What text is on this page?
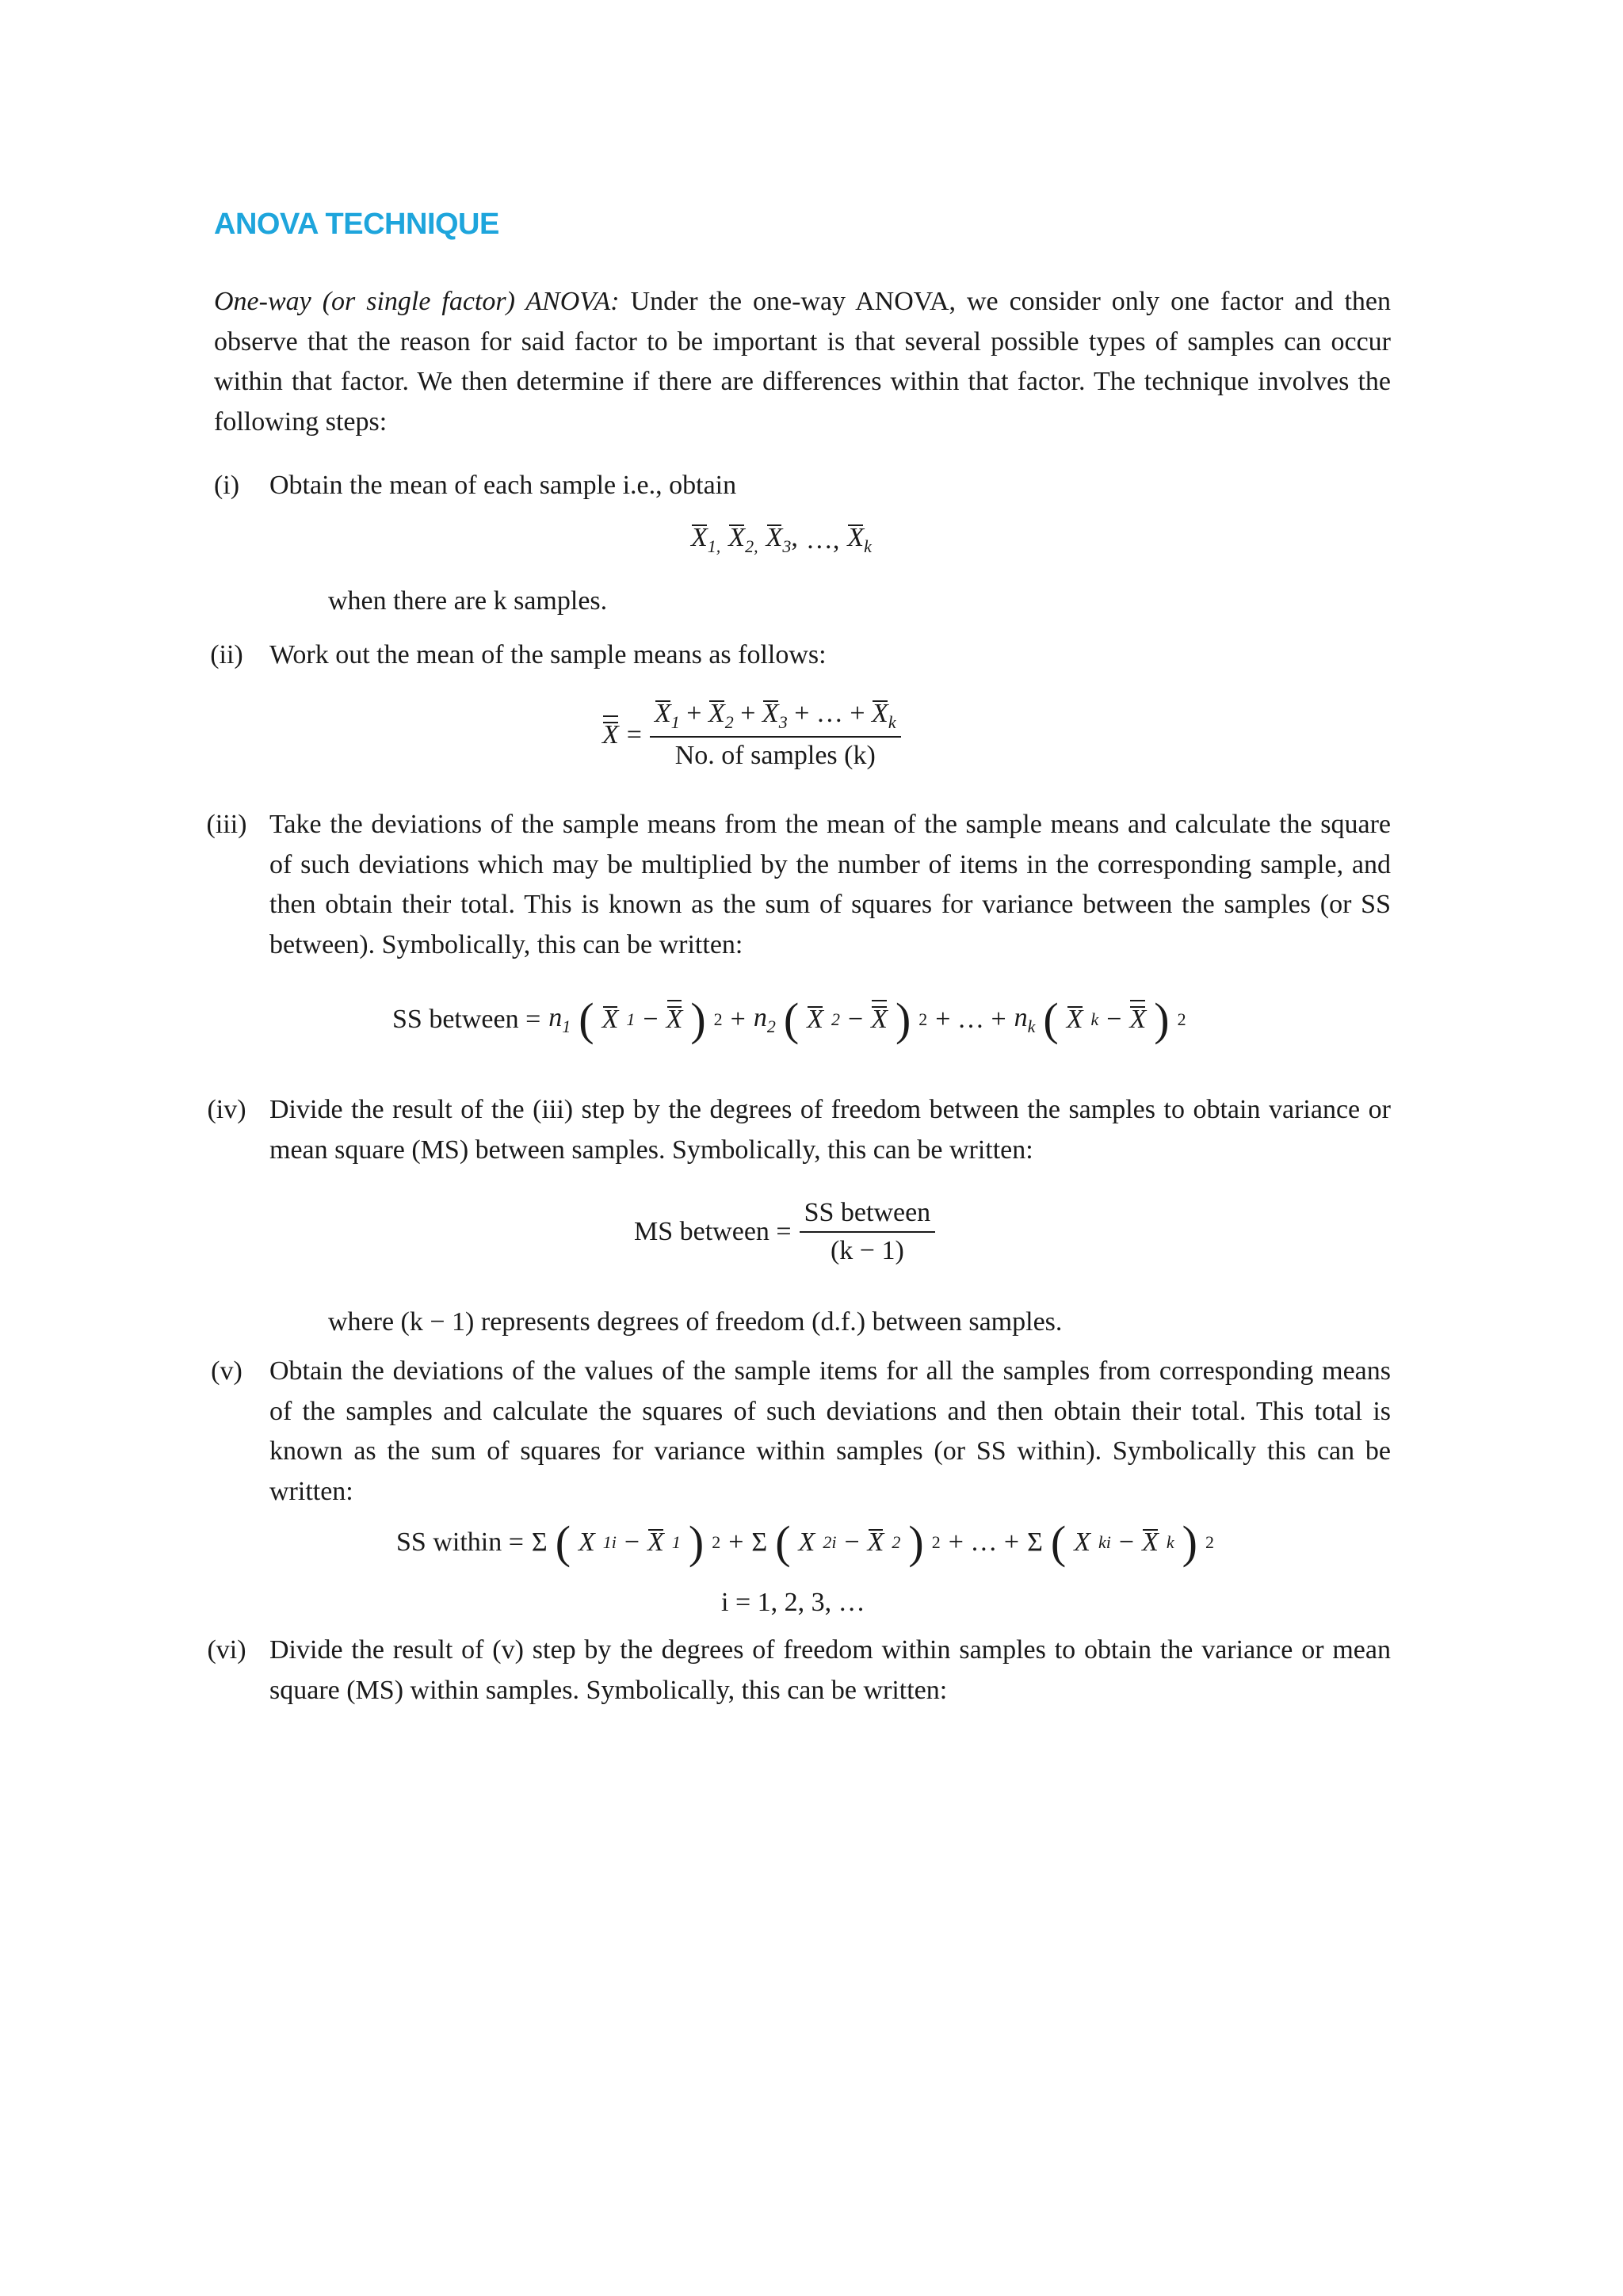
ANOVA TECHNIQUE

One-way (or single factor) ANOVA: Under the one-way ANOVA, we consider only one factor and then observe that the reason for said factor to be important is that several possible types of samples can occur within that factor. We then determine if there are differences within that factor. The technique involves the following steps:

(i)	Obtain the mean of each sample i.e., obtain

$X_{1,}$ $X_{2,}$ $X_3$, …, $X_k$

when there are k samples.

(ii) Work out the mean of the sample means as follows:

$X = \frac{X_1 + X_2 + X_3 + \dots + X_k}{\text{No. of samples (k)}}$

(iii) Take the deviations of the sample means from the mean of the sample means and calculate the square of such deviations which may be multiplied by the number of items in the corresponding sample, and then obtain their total. This is known as the sum of squares for variance between the samples (or SS between). Symbolically, this can be written:

SS between = $n_1$ ( X 1 − X ) $2 + n_2$ ( X 2 − X ) 2 + … + $n_k$ ( X k − X ) 2

(iv) Divide the result of the (iii) step by the degrees of freedom between the samples to obtain variance or mean square (MS) between samples. Symbolically, this can be written:

MS between = $\frac{\text{SS between}}{(k - 1)}$

where (k − 1) represents degrees of freedom (d.f.) between samples.

(v)	Obtain the deviations of the values of the sample items for all the samples from corresponding means of the samples and calculate the squares of such deviations and then obtain their total. This total is known as the sum of squares for variance within samples (or SS within). Symbolically this can be written:

SS within = Σ ( X 1i − X 1 ) 2 + Σ ( X 2i − X 2 ) 2 + … + Σ ( X ki − X k ) 2

i = 1, 2, 3, …

(vi) Divide the result of (v) step by the degrees of freedom within samples to obtain the variance or mean square (MS) within samples. Symbolically, this can be written:
